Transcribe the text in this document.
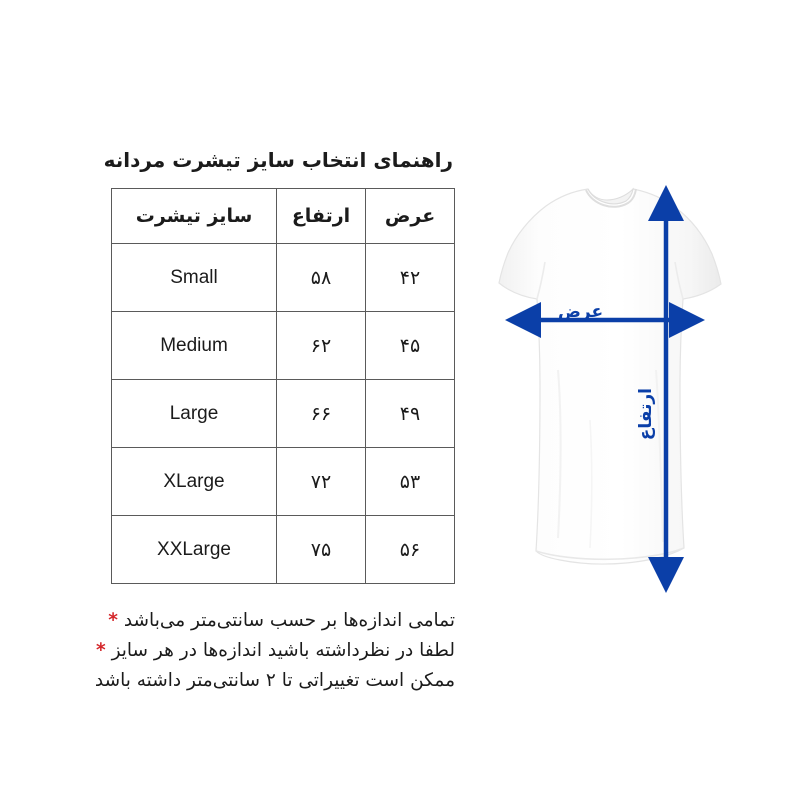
راهنمای انتخاب سایز تیشرت مردانه
عرض	ارتفاع	سایز تیشرت
۴۲	۵۸	Small
۴۵	۶۲	Medium
۴۹	۶۶	Large
۵۳	۷۲	XLarge
۵۶	۷۵	XXLarge
تمامی اندازه‌ها بر حسب سانتی‌متر می‌باشد *
لطفا در نظرداشته باشید اندازه‌ها در هر سایز *
ممکن است تغییراتی تا ۲ سانتی‌متر داشته باشد
عرض
ارتفاع
